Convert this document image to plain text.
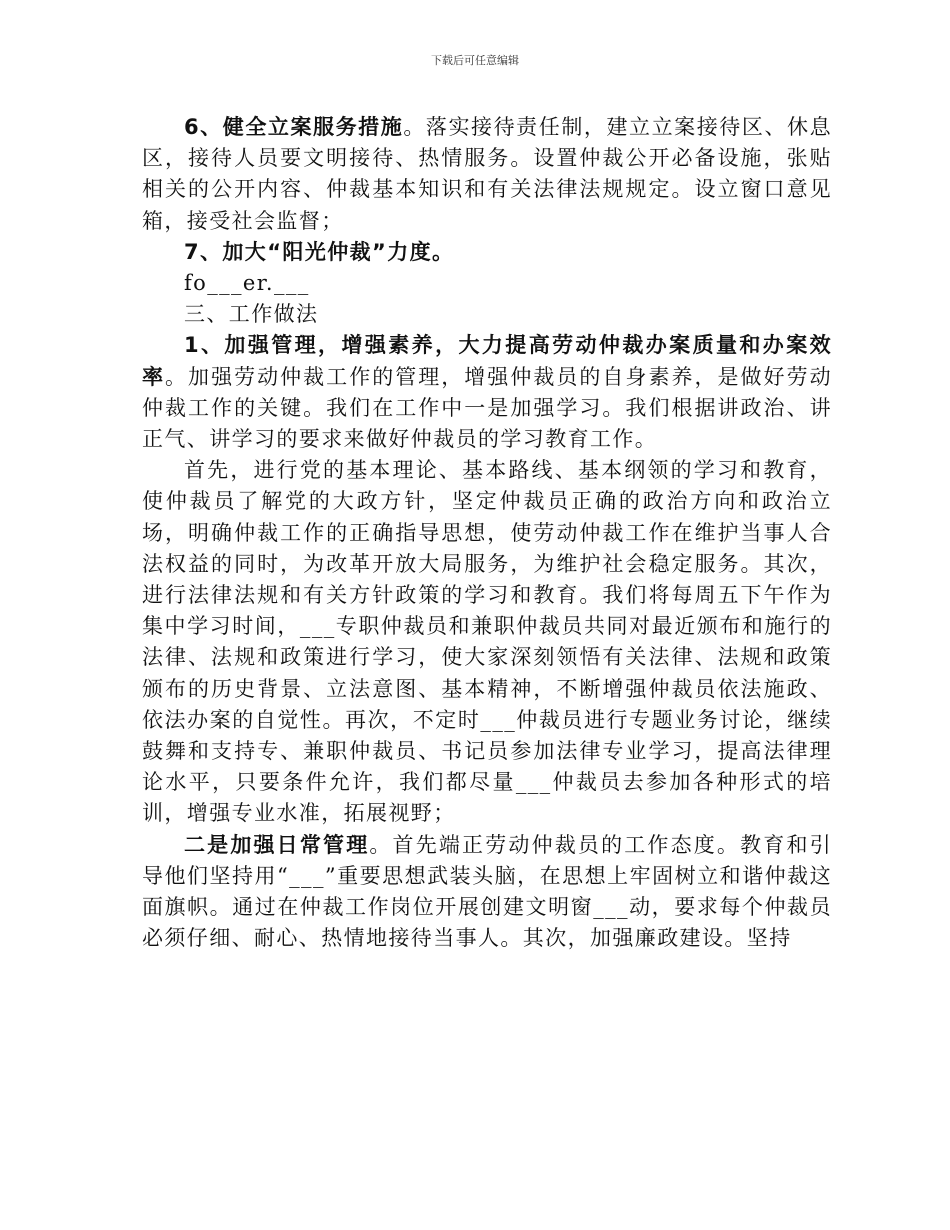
下载后可任意编辑

6、健全立案服务措施。落实接待责任制，建立立案接待区、休息区，接待人员要文明接待、热情服务。设置仲裁公开必备设施，张贴相关的公开内容、仲裁基本知识和有关法律法规规定。设立窗口意见箱，接受社会监督；

7、加大“阳光仲裁”力度。

fo___er.___

三、工作做法

1、加强管理，增强素养，大力提高劳动仲裁办案质量和办案效率。加强劳动仲裁工作的管理，增强仲裁员的自身素养，是做好劳动仲裁工作的关键。我们在工作中一是加强学习。我们根据讲政治、讲正气、讲学习的要求来做好仲裁员的学习教育工作。

首先，进行党的基本理论、基本路线、基本纲领的学习和教育，使仲裁员了解党的大政方针，坚定仲裁员正确的政治方向和政治立场，明确仲裁工作的正确指导思想，使劳动仲裁工作在维护当事人合法权益的同时，为改革开放大局服务，为维护社会稳定服务。其次，进行法律法规和有关方针政策的学习和教育。我们将每周五下午作为集中学习时间，___专职仲裁员和兼职仲裁员共同对最近颁布和施行的法律、法规和政策进行学习，使大家深刻领悟有关法律、法规和政策颁布的历史背景、立法意图、基本精神，不断增强仲裁员依法施政、依法办案的自觉性。再次，不定时___仲裁员进行专题业务讨论，继续鼓舞和支持专、兼职仲裁员、书记员参加法律专业学习，提高法律理论水平，只要条件允许，我们都尽量___仲裁员去参加各种形式的培训，增强专业水准，拓展视野；

二是加强日常管理。首先端正劳动仲裁员的工作态度。教育和引导他们坚持用“___”重要思想武装头脑，在思想上牢固树立和谐仲裁这面旗帜。通过在仲裁工作岗位开展创建文明窗___动，要求每个仲裁员必须仔细、耐心、热情地接待当事人。其次，加强廉政建设。坚持
